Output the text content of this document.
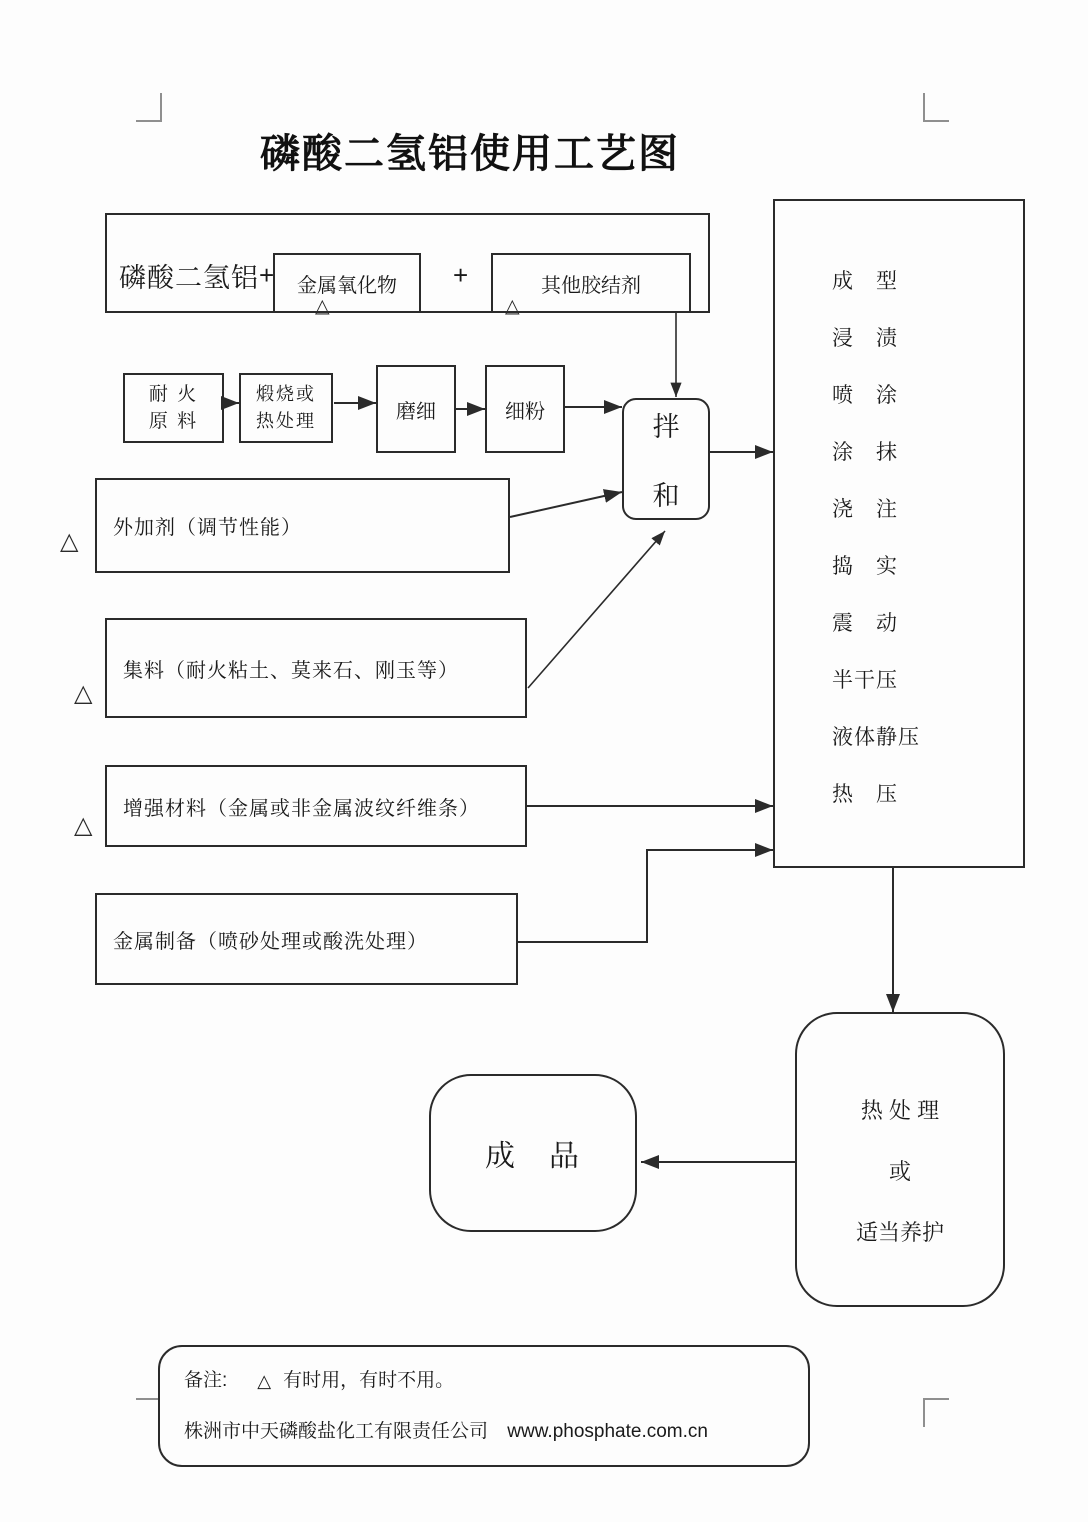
磷酸二氢铝使用工艺图
磷酸二氢铝 + 金属氧化物
△
+	其他胶结剂
△
耐 火
原 料
煅烧或
热处理	磨细	细粉
拌
和
外加剂（调节性能）
集料（耐火粘土、莫来石、刚玉等）
增强材料（金属或非金属波纹纤维条）
金属制备（喷砂处理或酸洗处理）
△
△
△
成　型
浸　渍
喷　涂
涂　抹
浇　注
捣　实
震　动
半干压
液体静压
热　压
热 处 理
或
适当养护
成　品
备注: △ 有时用，有时不用。
株洲市中天磷酸盐化工有限责任公司 www.phosphate.com.cn
